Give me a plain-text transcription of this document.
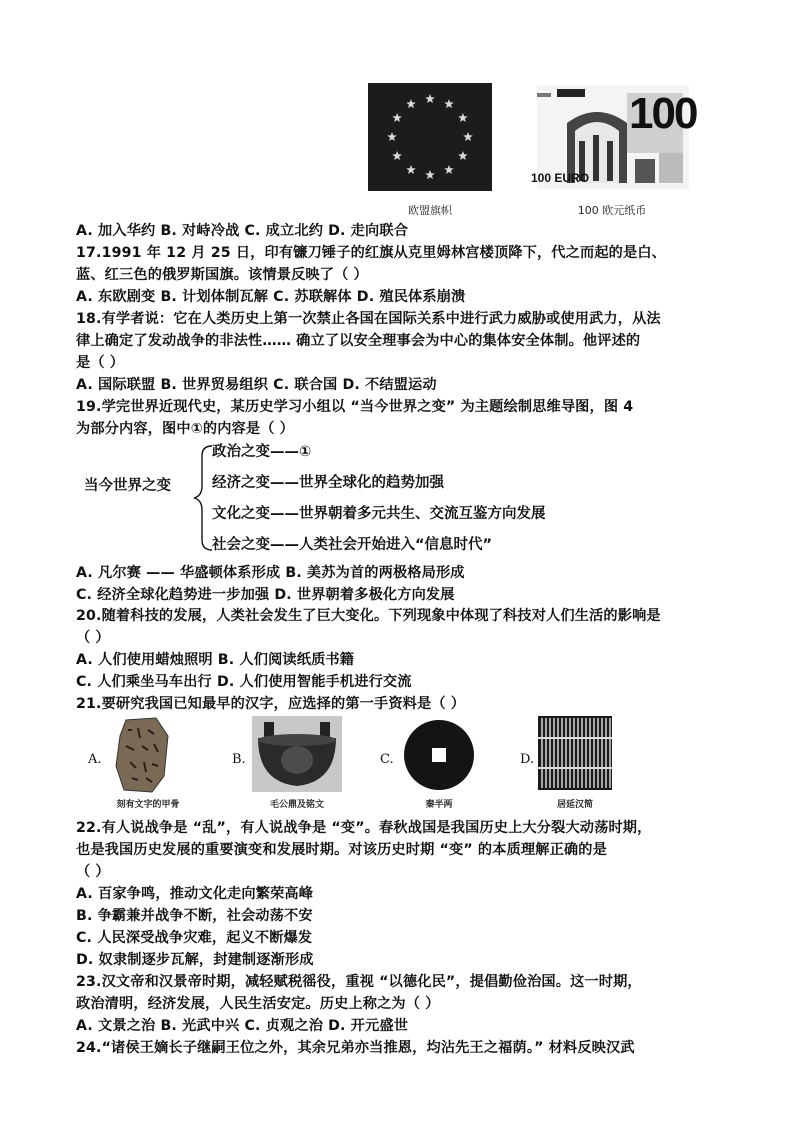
欧盟旗帜
100
100 EURO
100 欧元纸币
A. 加入华约 B. 对峙冷战 C. 成立北约 D. 走向联合
17.1991 年 12 月 25 日，印有镰刀锤子的红旗从克里姆林宫楼顶降下，代之而起的是白、
蓝、红三色的俄罗斯国旗。该情景反映了（ ）
A. 东欧剧变 B. 计划体制瓦解 C. 苏联解体 D. 殖民体系崩溃
18.有学者说：它在人类历史上第一次禁止各国在国际关系中进行武力威胁或使用武力，从法
律上确定了发动战争的非法性…… 确立了以安全理事会为中心的集体安全体制。他评述的
是（ ）
A. 国际联盟 B. 世界贸易组织 C. 联合国 D. 不结盟运动
19.学完世界近现代史，某历史学习小组以 “当今世界之变” 为主题绘制思维导图，图 4
为部分内容，图中①的内容是（ ）
当今世界之变
政治之变——①
经济之变——世界全球化的趋势加强
文化之变——世界朝着多元共生、交流互鉴方向发展
社会之变——人类社会开始进入“信息时代”
A. 凡尔赛 —— 华盛顿体系形成 B. 美苏为首的两极格局形成
C. 经济全球化趋势进一步加强 D. 世界朝着多极化方向发展
20.随着科技的发展，人类社会发生了巨大变化。下列现象中体现了科技对人们生活的影响是
（ ）
A. 人们使用蜡烛照明 B. 人们阅读纸质书籍
C. 人们乘坐马车出行 D. 人们使用智能手机进行交流
21.要研究我国已知最早的汉字，应选择的第一手资料是（ ）
A.
刻有文字的甲骨
B.
毛公鼎及铭文
C.
秦半两
D.
居延汉简
22.有人说战争是 “乱”，有人说战争是 “变”。春秋战国是我国历史上大分裂大动荡时期，
也是我国历史发展的重要演变和发展时期。对该历史时期 “变” 的本质理解正确的是
（ ）
A. 百家争鸣，推动文化走向繁荣高峰
B. 争霸兼并战争不断，社会动荡不安
C. 人民深受战争灾难，起义不断爆发
D. 奴隶制逐步瓦解，封建制逐渐形成
23.汉文帝和汉景帝时期，减轻赋税徭役，重视 “以德化民”，提倡勤俭治国。这一时期，
政治清明，经济发展，人民生活安定。历史上称之为（ ）
A. 文景之治 B. 光武中兴 C. 贞观之治 D. 开元盛世
24.“诸侯王嫡长子继嗣王位之外，其余兄弟亦当推恩，均沾先王之福荫。” 材料反映汉武
